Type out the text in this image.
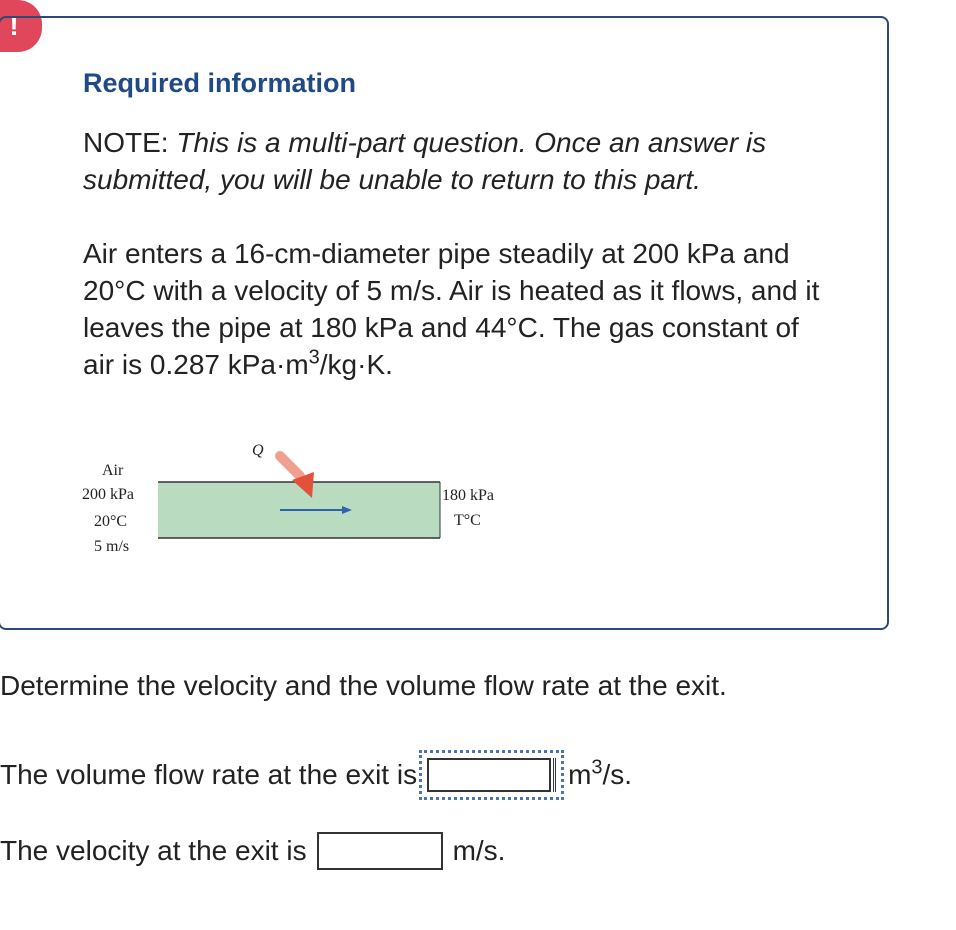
!
Required information
NOTE: This is a multi-part question. Once an answer is submitted, you will be unable to return to this part.
Air enters a 16-cm-diameter pipe steadily at 200 kPa and 20°C with a velocity of 5 m/s. Air is heated as it flows, and it leaves the pipe at 180 kPa and 44°C. The gas constant of air is 0.287 $kPa\cdot m^3/kg\cdot K$.
Air
200 kPa
20°C
5 m/s
Q
180 kPa
T°C
Determine the velocity and the volume flow rate at the exit.
The volume flow rate at the exit is	$m^3/s$.
The velocity at the exit is	m/s.
